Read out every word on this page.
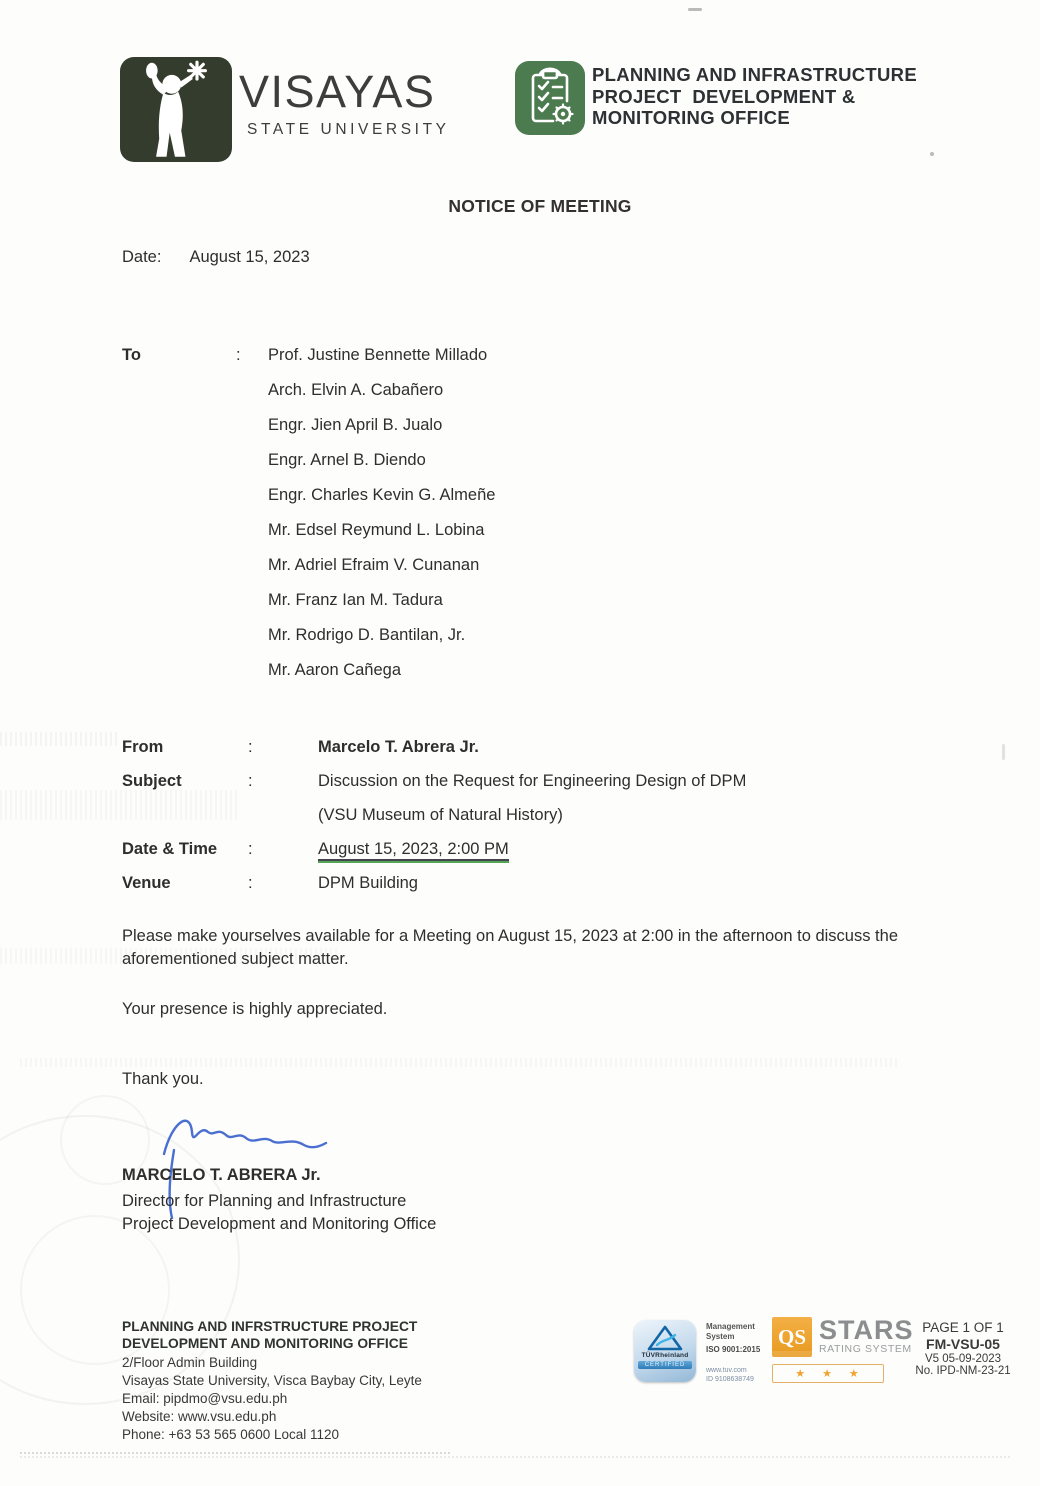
VISAYAS
STATE UNIVERSITY
PLANNING AND INFRASTRUCTURE
PROJECT  DEVELOPMENT &
MONITORING OFFICE
NOTICE OF MEETING
Date: August 15, 2023
To	:	Prof. Justine Bennette Millado
Arch. Elvin A. Cabañero
Engr. Jien April B. Jualo
Engr. Arnel B. Diendo
Engr. Charles Kevin G. Almeñe
Mr. Edsel Reymund L. Lobina
Mr. Adriel Efraim V. Cunanan
Mr. Franz Ian M. Tadura
Mr. Rodrigo D. Bantilan, Jr.
Mr. Aaron Cañega
From	:	Marcelo T. Abrera Jr.
Subject	:	Discussion on the Request for Engineering Design of DPM
(VSU Museum of Natural History)
Date & Time	:	August 15, 2023, 2:00 PM
Venue	:	DPM Building
Please make yourselves available for a Meeting on August 15, 2023 at 2:00 in the afternoon to discuss the aforementioned subject matter.
Your presence is highly appreciated.
Thank you.
MARCELO T. ABRERA Jr.
Director for Planning and Infrastructure
Project Development and Monitoring Office
PLANNING AND INFRSTRUCTURE PROJECT
DEVELOPMENT AND MONITORING OFFICE
2/Floor Admin Building
Visayas State University, Visca Baybay City, Leyte
Email: pipdmo@vsu.edu.ph
Website: www.vsu.edu.ph
Phone: +63 53 565 0600 Local 1120
TÜVRheinland
CERTIFIED
Management
System
ISO 9001:2015
www.tuv.com
ID 9108638749
QS STARS
RATING SYSTEM
★  ★  ★
PAGE 1 OF 1
FM-VSU-05
V5 05-09-2023
No. IPD-NM-23-21
